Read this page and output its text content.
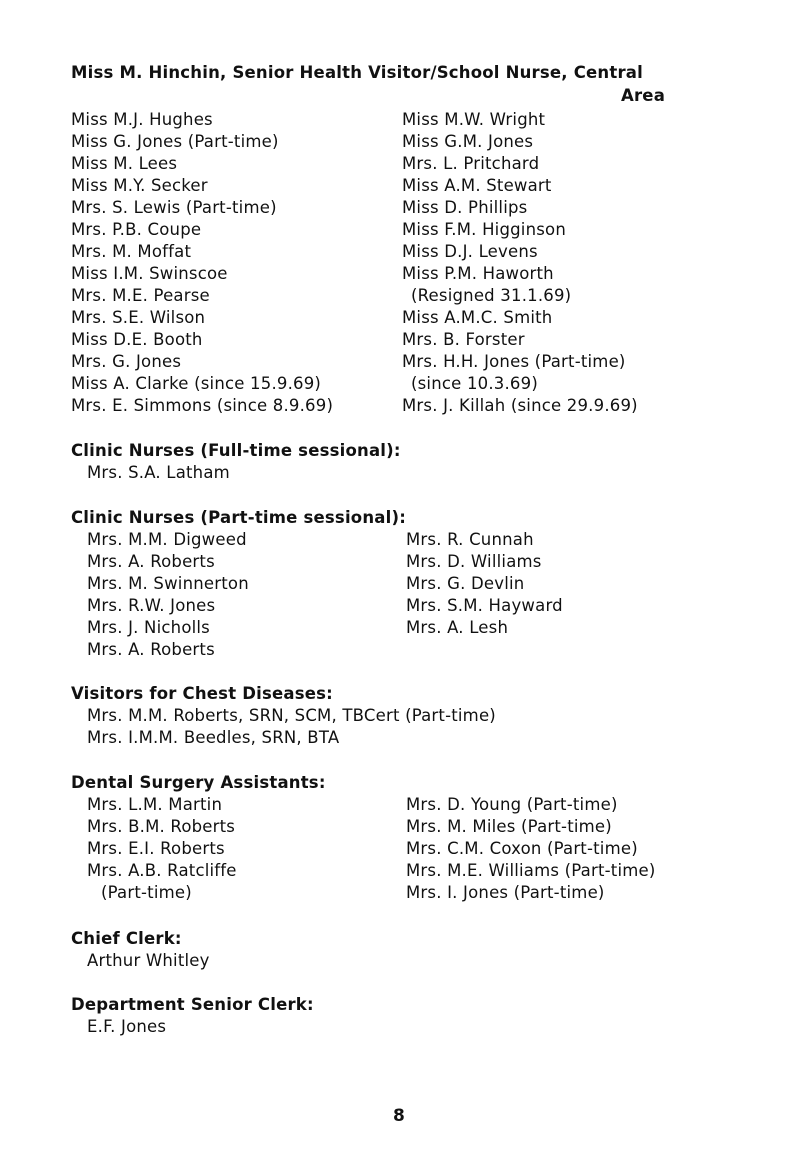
Miss M. Hinchin, Senior Health Visitor/School Nurse, Central
Area
Miss M.J. Hughes
Miss G. Jones (Part-time)
Miss M. Lees
Miss M.Y. Secker
Mrs. S. Lewis (Part-time)
Mrs. P.B. Coupe
Mrs. M. Moffat
Miss I.M. Swinscoe
Mrs. M.E. Pearse
Mrs. S.E. Wilson
Miss D.E. Booth
Mrs. G. Jones
Miss A. Clarke (since 15.9.69)
Mrs. E. Simmons (since 8.9.69)
Miss M.W. Wright
Miss G.M. Jones
Mrs. L. Pritchard
Miss A.M. Stewart
Miss D. Phillips
Miss F.M. Higginson
Miss D.J. Levens
Miss P.M. Haworth
(Resigned 31.1.69)
Miss A.M.C. Smith
Mrs. B. Forster
Mrs. H.H. Jones (Part-time)
(since 10.3.69)
Mrs. J. Killah (since 29.9.69)
Clinic Nurses (Full-time sessional):
Mrs. S.A. Latham
Clinic Nurses (Part-time sessional):
Mrs. M.M. Digweed
Mrs. A. Roberts
Mrs. M. Swinnerton
Mrs. R.W. Jones
Mrs. J. Nicholls
Mrs. A. Roberts
Mrs. R. Cunnah
Mrs. D. Williams
Mrs. G. Devlin
Mrs. S.M. Hayward
Mrs. A. Lesh
Visitors for Chest Diseases:
Mrs. M.M. Roberts, SRN, SCM, TBCert (Part-time)
Mrs. I.M.M. Beedles, SRN, BTA
Dental Surgery Assistants:
Mrs. L.M. Martin
Mrs. B.M. Roberts
Mrs. E.I. Roberts
Mrs. A.B. Ratcliffe
(Part-time)
Mrs. D. Young (Part-time)
Mrs. M. Miles (Part-time)
Mrs. C.M. Coxon (Part-time)
Mrs. M.E. Williams (Part-time)
Mrs. I. Jones (Part-time)
Chief Clerk:
Arthur Whitley
Department Senior Clerk:
E.F. Jones
8
